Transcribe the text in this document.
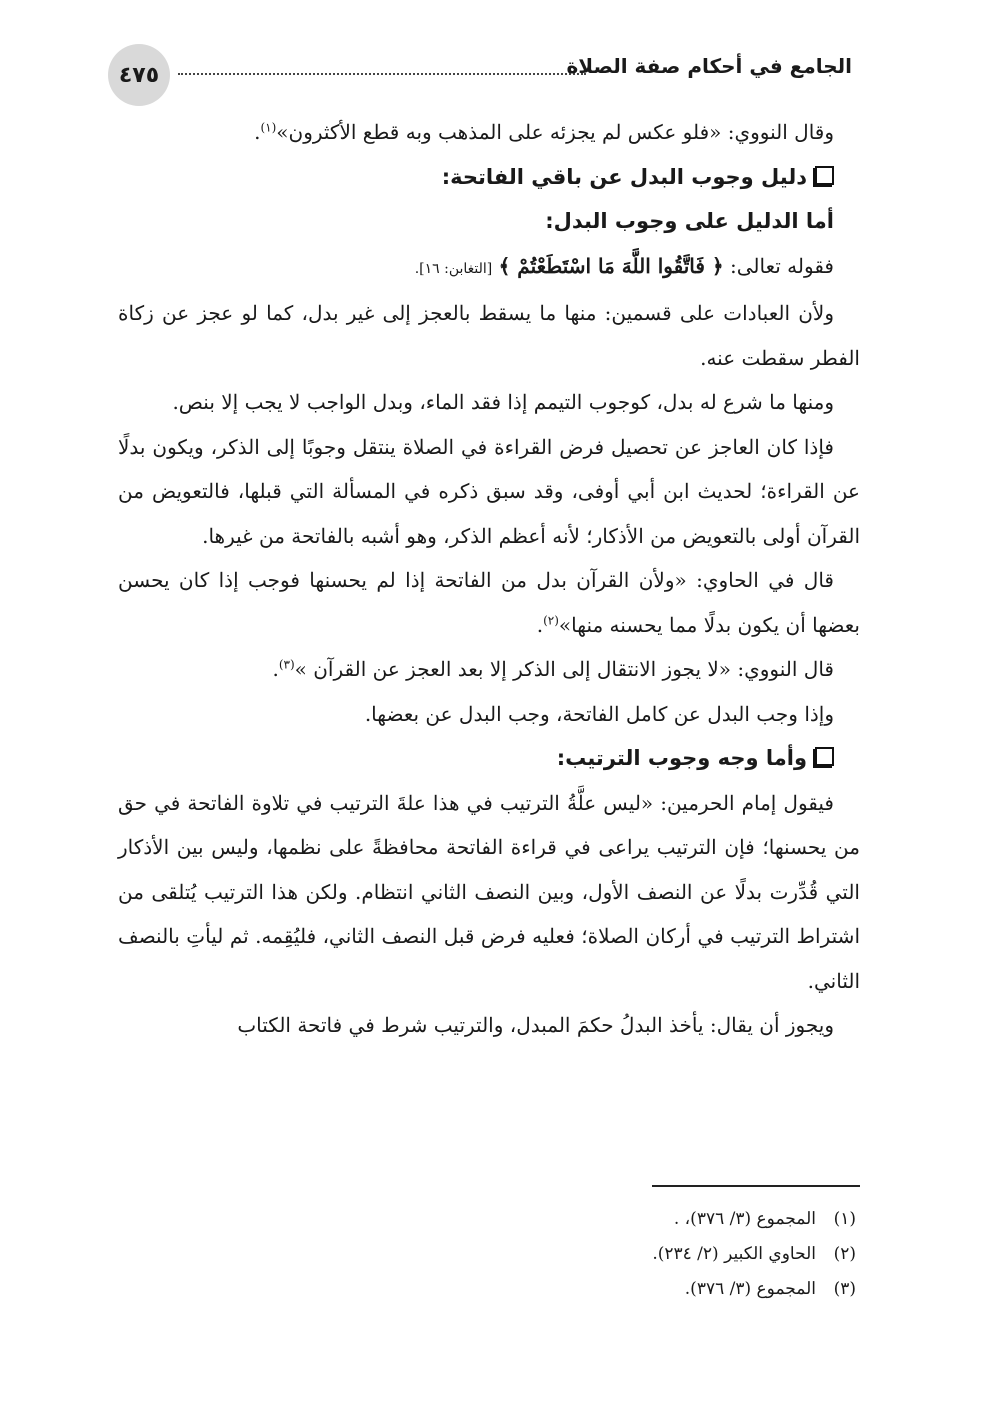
٤٧٥	الجامع في أحكام صفة الصلاة

وقال النووي: «فلو عكس لم يجزئه على المذهب وبه قطع الأكثرون»$^{(١)}$.

دليل وجوب البدل عن باقي الفاتحة:

أما الدليل على وجوب البدل:

فقوله تعالى: ﴿ فَاتَّقُوا اللَّهَ مَا اسْتَطَعْتُمْ ﴾ [التغابن: ١٦].

ولأن العبادات على قسمين: منها ما يسقط بالعجز إلى غير بدل، كما لو عجز عن زكاة الفطر سقطت عنه.

ومنها ما شرع له بدل، كوجوب التيمم إذا فقد الماء، وبدل الواجب لا يجب إلا بنص.

فإذا كان العاجز عن تحصيل فرض القراءة في الصلاة ينتقل وجوبًا إلى الذكر، ويكون بدلًا عن القراءة؛ لحديث ابن أبي أوفى، وقد سبق ذكره في المسألة التي قبلها، فالتعويض من القرآن أولى بالتعويض من الأذكار؛ لأنه أعظم الذكر، وهو أشبه بالفاتحة من غيرها.

قال في الحاوي: «ولأن القرآن بدل من الفاتحة إذا لم يحسنها فوجب إذا كان يحسن بعضها أن يكون بدلًا مما يحسنه منها»$^{(٢)}$.

قال النووي: «لا يجوز الانتقال إلى الذكر إلا بعد العجز عن القرآن »$^{(٣)}$.

وإذا وجب البدل عن كامل الفاتحة، وجب البدل عن بعضها.

وأما وجه وجوب الترتيب:

فيقول إمام الحرمين: «ليس علَّةُ الترتيب في هذا علةَ الترتيب في تلاوة الفاتحة في حق من يحسنها؛ فإن الترتيب يراعى في قراءة الفاتحة محافظةً على نظمها، وليس بين الأذكار التي قُدِّرت بدلًا عن النصف الأول، وبين النصف الثاني انتظام. ولكن هذا الترتيب يُتلقى من اشتراط الترتيب في أركان الصلاة؛ فعليه فرض قبل النصف الثاني، فليُقِمه. ثم ليأتِ بالنصف الثاني.

ويجوز أن يقال: يأخذ البدلُ حكمَ المبدل، والترتيب شرط في فاتحة الكتاب

(١)المجموع (٣/ ٣٧٦)، .
(٢)الحاوي الكبير (٢/ ٢٣٤).
(٣)المجموع (٣/ ٣٧٦).
